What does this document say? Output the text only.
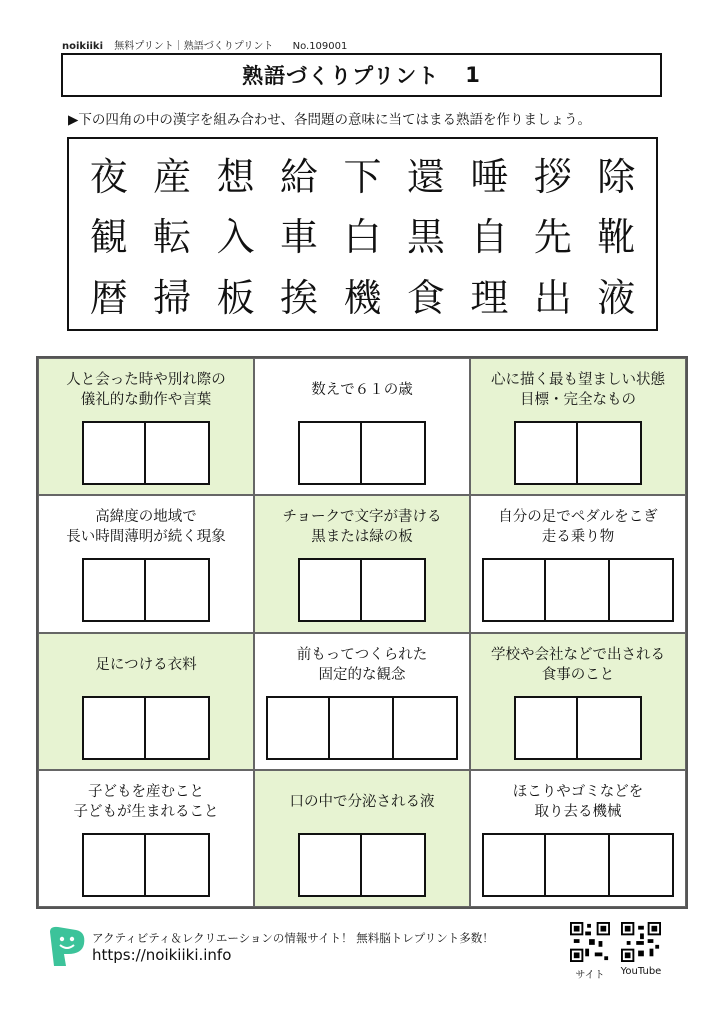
noikiiki 無料プリント｜熟語づくりプリント No.109001
熟語づくりプリント 1
▶下の四角の中の漢字を組み合わせ、各問題の意味に当てはまる熟語を作りましょう。
夜 産 想 給 下 還 唾 拶 除
観 転 入 車 白 黒 自 先 靴
暦 掃 板 挨 機 食 理 出 液
人と会った時や別れ際の
儀礼的な動作や言葉
数えで６１の歳
心に描く最も望ましい状態
目標・完全なもの
高緯度の地域で
長い時間薄明が続く現象
チョークで文字が書ける
黒または緑の板
自分の足でペダルをこぎ
走る乗り物
足につける衣料
前もってつくられた
固定的な観念
学校や会社などで出される
食事のこと
子どもを産むこと
子どもが生まれること
口の中で分泌される液
ほこりやゴミなどを
取り去る機械
アクティビティ＆レクリエーションの情報サイト！ 無料脳トレプリント多数！
https://noikiiki.info
サイト	YouTube
